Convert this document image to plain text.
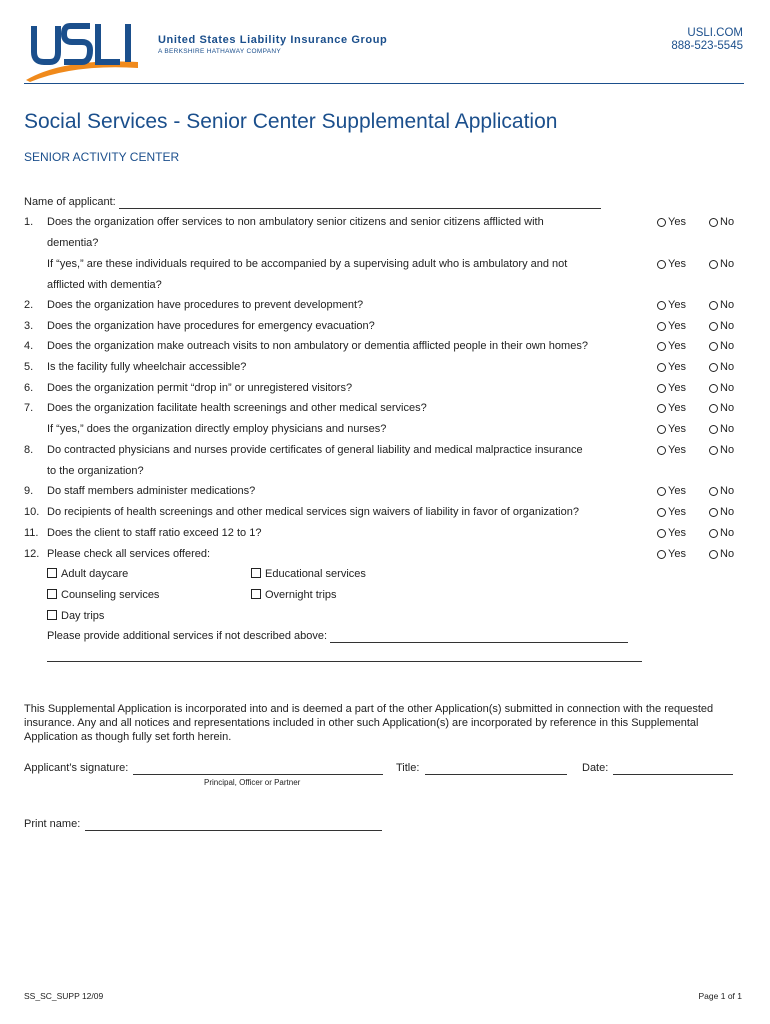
United States Liability Insurance Group
A BERKSHIRE HATHAWAY COMPANY
USLI.COM
888-523-5545
Social Services - Senior Center Supplemental Application
SENIOR ACTIVITY CENTER
Name of applicant:
1. Does the organization offer services to non ambulatory senior citizens and senior citizens afflicted with	Yes	No
dementia?
If “yes,” are these individuals required to be accompanied by a supervising adult who is ambulatory and not	Yes	No
afflicted with dementia?
2. Does the organization have procedures to prevent development?	Yes	No
3. Does the organization have procedures for emergency evacuation?	Yes	No
4. Does the organization make outreach visits to non ambulatory or dementia afflicted people in their own homes?	Yes	No
5. Is the facility fully wheelchair accessible?	Yes	No
6. Does the organization permit “drop in” or unregistered visitors?	Yes	No
7. Does the organization facilitate health screenings and other medical services?	Yes	No
If “yes,” does the organization directly employ physicians and nurses?	Yes	No
8. Do contracted physicians and nurses provide certificates of general liability and medical malpractice insurance	Yes	No
to the organization?
9. Do staff members administer medications?	Yes	No
10. Do recipients of health screenings and other medical services sign waivers of liability in favor of organization?	Yes	No
11. Does the client to staff ratio exceed 12 to 1?	Yes	No
12. Please check all services offered:	Yes	No
Adult daycare	Educational services
Counseling services	Overnight trips
Day trips
Please provide additional services if not described above:
This Supplemental Application is incorporated into and is deemed a part of the other Application(s) submitted in connection with the requested insurance. Any and all notices and representations included in other such Application(s) are incorporated by reference in this Supplemental Application as though fully set forth herein.
Applicant’s signature:	Title:	Date:
Principal, Officer or Partner
Print name:
SS_SC_SUPP 12/09	Page 1 of 1
